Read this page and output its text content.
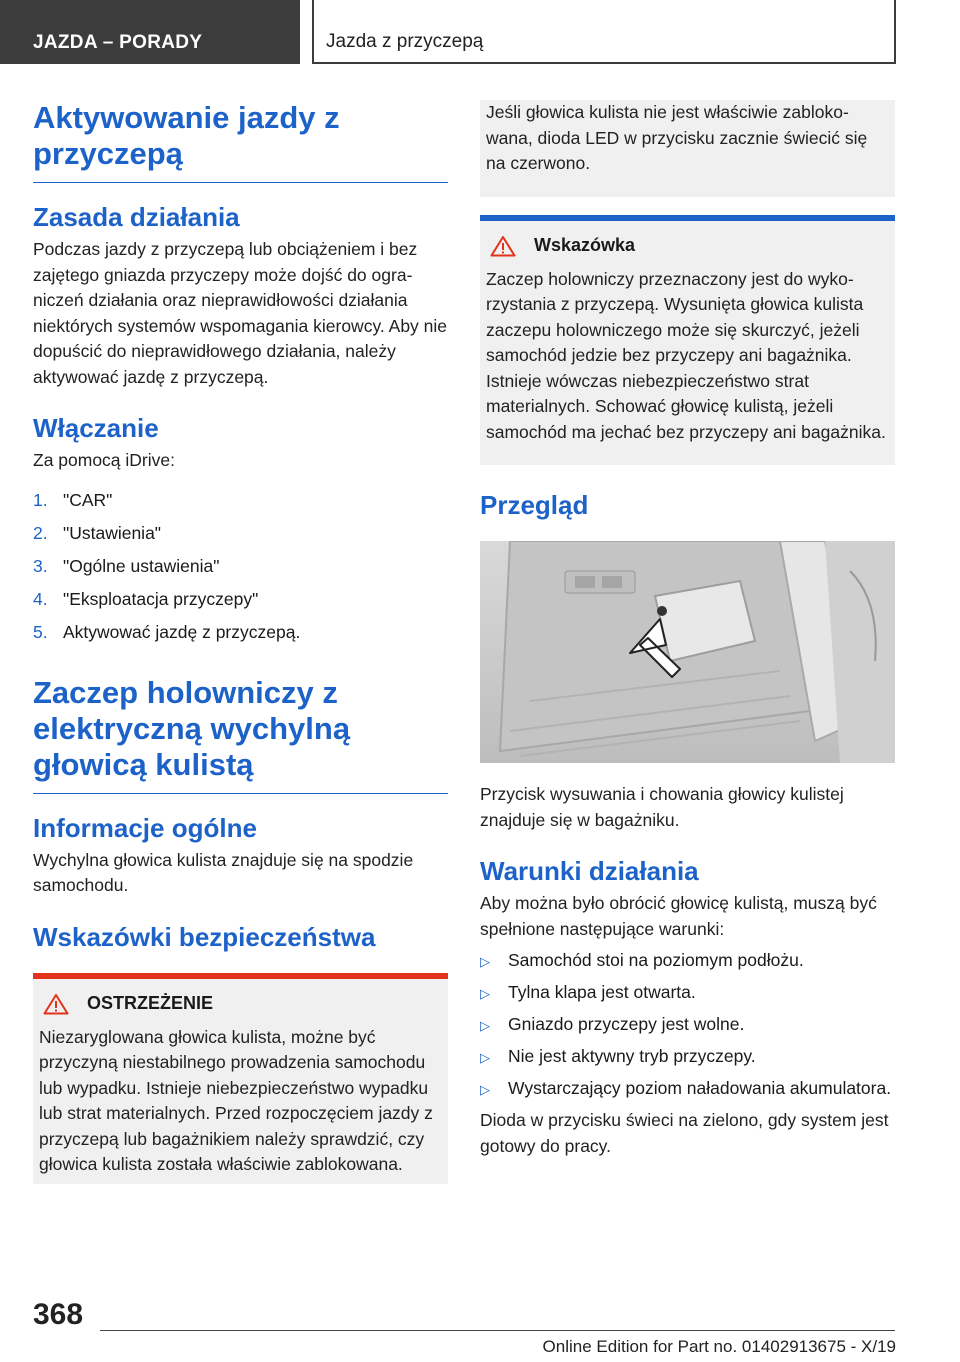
JAZDA – PORADY	Jazda z przyczepą
Aktywowanie jazdy z przyczepą
Zasada działania
Podczas jazdy z przyczepą lub obciążeniem i bez zajętego gniazda przyczepy może dojść do ograniczeń działania oraz nieprawidłowości działania niektórych systemów wspomagania kierowcy. Aby nie dopuścić do nieprawidłowego działania, należy aktywować jazdę z przyczepą.
Włączanie
Za pomocą iDrive:
1. "CAR"
2. "Ustawienia"
3. "Ogólne ustawienia"
4. "Eksploatacja przyczepy"
5. Aktywować jazdę z przyczepą.
Zaczep holowniczy z elektryczną wychylną głowicą kulistą
Informacje ogólne
Wychylna głowica kulista znajduje się na spodzie samochodu.
Wskazówki bezpieczeństwa
OSTRZEŻENIE
Niezaryglowana głowica kulista, możne być przyczyną niestabilnego prowadzenia samochodu lub wypadku. Istnieje niebezpieczeństwo wypadku lub strat materialnych. Przed rozpoczęciem jazdy z przyczepą lub bagażnikiem należy sprawdzić, czy głowica kulista została właściwie zablokowana.
Jeśli głowica kulista nie jest właściwie zablokowana, dioda LED w przycisku zacznie świecić się na czerwono.
Wskazówka
Zaczep holowniczy przeznaczony jest do wykorzystania z przyczepą. Wysunięta głowica kulista zaczepu holowniczego może się skurczyć, jeżeli samochód jedzie bez przyczepy ani bagażnika. Istnieje wówczas niebezpieczeństwo strat materialnych. Schować głowicę kulistą, jeżeli samochód ma jechać bez przyczepy ani bagażnika.
Przegląd
Przycisk wysuwania i chowania głowicy kulistej znajduje się w bagażniku.
Warunki działania
Aby można było obrócić głowicę kulistą, muszą być spełnione następujące warunki:
▷	Samochód stoi na poziomym podłożu.
▷	Tylna klapa jest otwarta.
▷	Gniazdo przyczepy jest wolne.
▷	Nie jest aktywny tryb przyczepy.
▷	Wystarczający poziom naładowania akumulatora.
Dioda w przycisku świeci na zielono, gdy system jest gotowy do pracy.
368
Online Edition for Part no. 01402913675 - X/19
